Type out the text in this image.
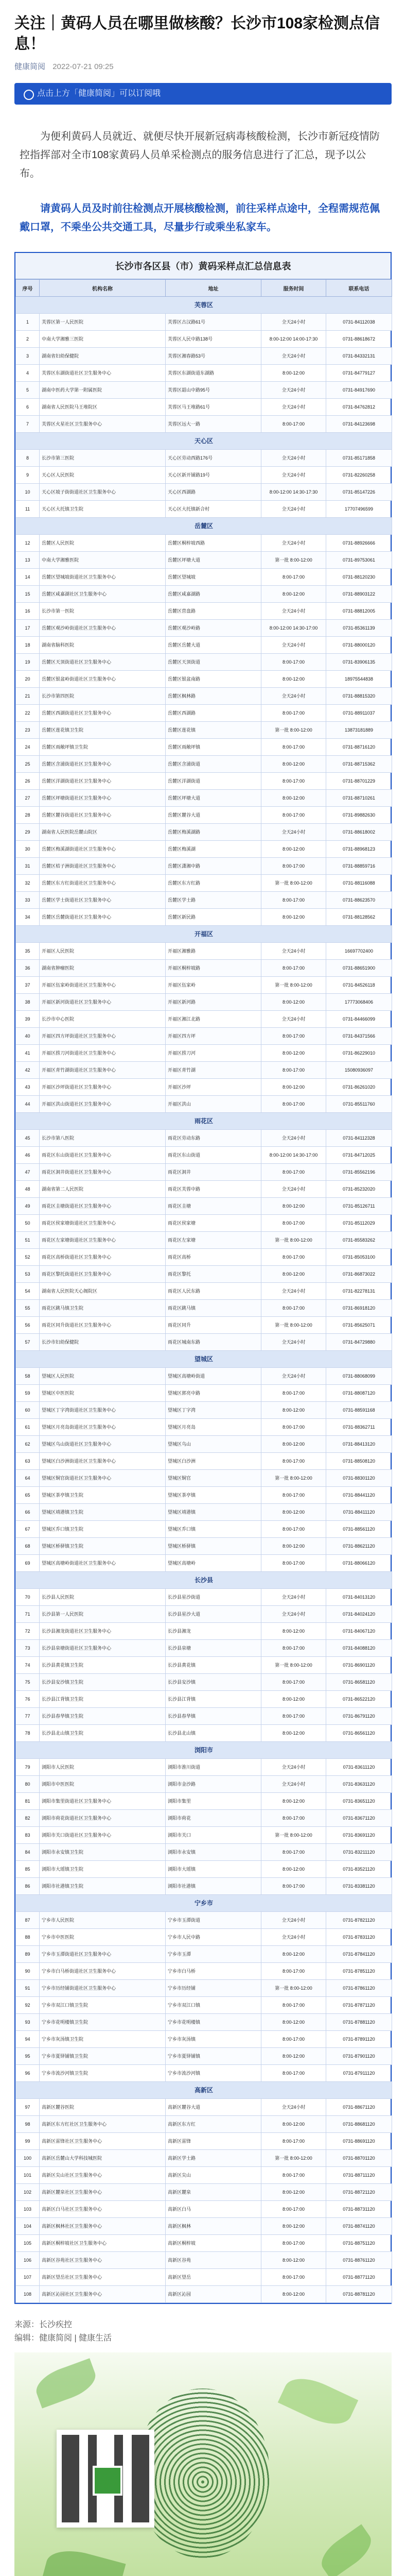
关注｜黄码人员在哪里做核酸？长沙市108家检测点信息！
健康简阅 2022-07-21 09:25
点击上方「健康简阅」可以订阅哦
为便利黄码人员就近、就便尽快开展新冠病毒核酸检测，长沙市新冠疫情防控指挥部对全市108家黄码人员单采检测点的服务信息进行了汇总，现予以公布。
请黄码人员及时前往检测点开展核酸检测，前往采样点途中，全程需规范佩戴口罩，不乘坐公共交通工具，尽量步行或乘坐私家车。
长沙市各区县（市）黄码采样点汇总信息表
序号	机构名称	地址	服务时间	联系电话
芙蓉区				
1	芙蓉区第一人民医院	芙蓉区古汉路61号	全天24小时	0731-84112038
2	中南大学湘雅三医院	芙蓉区人民中路138号	8:00-12:00 14:00-17:30	0731-88618672
3	湖南省妇幼保健院	芙蓉区湘春路53号	全天24小时	0731-84332131
4	芙蓉区东湖街道社区卫生服务中心	芙蓉区东湖街道东湖路	8:00-12:00	0731-84779127
5	湖南中医药大学第一附属医院	芙蓉区韶山中路95号	全天24小时	0731-84917690
6	湖南省人民医院马王堆院区	芙蓉区马王堆路61号	全天24小时	0731-84762812
7	芙蓉区火星社区卫生服务中心	芙蓉区远大一路	8:00-17:00	0731-84123698
天心区				
8	长沙市第三医院	天心区劳动西路176号	全天24小时	0731-85171858
9	天心区人民医院	天心区新开铺路19号	全天24小时	0731-82260258
10	天心区坡子街街道社区卫生服务中心	天心区西湖路	8:00-12:00 14:30-17:30	0731-85147226
11	天心区大托镇卫生院	天心区大托镇新合村	全天24小时	17707496599
岳麓区				
12	岳麓区人民医院	岳麓区桐梓坡西路	全天24小时	0731-88926666
13	中南大学湘雅医院	岳麓区坪塘大道	第一批 8:00-12:00	0731-89753061
14	岳麓区望城坡街道社区卫生服务中心	岳麓区望城坡	8:00-17:00	0731-88120230
15	岳麓区咸嘉湖社区卫生服务中心	岳麓区咸嘉湖路	8:00-12:00	0731-88903122
16	长沙市第一医院	岳麓区营盘路	全天24小时	0731-88812005
17	岳麓区观沙岭街道社区卫生服务中心	岳麓区观沙岭路	8:00-12:00 14:30-17:00	0731-85361139
18	湖南省脑科医院	岳麓区岳麓大道	全天24小时	0731-88000120
19	岳麓区天顶街道社区卫生服务中心	岳麓区天顶街道	8:00-17:00	0731-83906135
20	岳麓区银盆岭街道社区卫生服务中心	岳麓区银盆南路	8:00-12:00	18975544838
21	长沙市第四医院	岳麓区枫林路	全天24小时	0731-88815320
22	岳麓区西湖街道社区卫生服务中心	岳麓区西湖路	8:00-17:00	0731-88911037
23	岳麓区莲花镇卫生院	岳麓区莲花镇	第一批 8:00-12:00	13873181889
24	岳麓区雨敞坪镇卫生院	岳麓区雨敞坪镇	8:00-17:00	0731-88716120
25	岳麓区含浦街道社区卫生服务中心	岳麓区含浦街道	8:00-12:00	0731-88715362
26	岳麓区洋湖街道社区卫生服务中心	岳麓区洋湖街道	8:00-17:00	0731-88701229
27	岳麓区坪塘街道社区卫生服务中心	岳麓区坪塘大道	8:00-12:00	0731-88710261
28	岳麓区麓谷街道社区卫生服务中心	岳麓区麓谷大道	8:00-17:00	0731-89882630
29	湖南省人民医院岳麓山院区	岳麓区梅溪湖路	全天24小时	0731-88618002
30	岳麓区梅溪湖街道社区卫生服务中心	岳麓区梅溪湖	8:00-12:00	0731-88968123
31	岳麓区桔子洲街道社区卫生服务中心	岳麓区潇湘中路	8:00-17:00	0731-88859716
32	岳麓区东方红街道社区卫生服务中心	岳麓区东方红路	第一批 8:00-12:00	0731-88116088
33	岳麓区学士街道社区卫生服务中心	岳麓区学士路	8:00-17:00	0731-88623570
34	岳麓区岳麓街道社区卫生服务中心	岳麓区新民路	8:00-12:00	0731-88128562
开福区				
35	开福区人民医院	开福区湘雅路	全天24小时	16697702400
36	湖南省肿瘤医院	开福区桐梓坡路	8:00-17:00	0731-88651900
37	开福区伍家岭街道社区卫生服务中心	开福区伍家岭	第一批 8:00-12:00	0731-84526118
38	开福区新河街道社区卫生服务中心	开福区新河路	8:00-12:00	17773068406
39	长沙市中心医院	开福区湘江北路	全天24小时	0731-84466099
40	开福区四方坪街道社区卫生服务中心	开福区四方坪	8:00-17:00	0731-84371566
41	开福区捞刀河街道社区卫生服务中心	开福区捞刀河	8:00-12:00	0731-86229010
42	开福区青竹湖街道社区卫生服务中心	开福区青竹湖	8:00-17:00	15080936097
43	开福区沙坪街道社区卫生服务中心	开福区沙坪	8:00-12:00	0731-86261020
44	开福区洪山街道社区卫生服务中心	开福区洪山	8:00-17:00	0731-85511760
雨花区				
45	长沙市第八医院	雨花区劳动东路	全天24小时	0731-84112328
46	雨花区东山街道社区卫生服务中心	雨花区东山街道	8:00-12:00 14:30-17:00	0731-84712025
47	雨花区洞井街道社区卫生服务中心	雨花区洞井	8:00-17:00	0731-85562196
48	湖南省第二人民医院	雨花区芙蓉中路	全天24小时	0731-85232020
49	雨花区圭塘街道社区卫生服务中心	雨花区圭塘	8:00-12:00	0731-85126711
50	雨花区侯家塘街道社区卫生服务中心	雨花区侯家塘	8:00-17:00	0731-85112029
51	雨花区左家塘街道社区卫生服务中心	雨花区左家塘	第一批 8:00-12:00	0731-85583262
52	雨花区高桥街道社区卫生服务中心	雨花区高桥	8:00-17:00	0731-85053100
53	雨花区黎托街道社区卫生服务中心	雨花区黎托	8:00-12:00	0731-86873022
54	湖南省人民医院天心阁院区	雨花区人民东路	全天24小时	0731-82278131
55	雨花区跳马镇卫生院	雨花区跳马镇	8:00-17:00	0731-86918120
56	雨花区同升街道社区卫生服务中心	雨花区同升	第一批 8:00-12:00	0731-85625071
57	长沙市妇幼保健院	雨花区城南东路	全天24小时	0731-84729880
望城区				
58	望城区人民医院	望城区高塘岭街道	全天24小时	0731-88068099
59	望城区中医医院	望城区郭亮中路	8:00-17:00	0731-88087120
60	望城区丁字湾街道社区卫生服务中心	望城区丁字湾	8:00-12:00	0731-88591168
61	望城区月亮岛街道社区卫生服务中心	望城区月亮岛	8:00-17:00	0731-88362711
62	望城区乌山街道社区卫生服务中心	望城区乌山	8:00-12:00	0731-88413120
63	望城区白沙洲街道社区卫生服务中心	望城区白沙洲	8:00-17:00	0731-88508120
64	望城区铜官街道社区卫生服务中心	望城区铜官	第一批 8:00-12:00	0731-88301120
65	望城区茶亭镇卫生院	望城区茶亭镇	8:00-17:00	0731-88441120
66	望城区靖港镇卫生院	望城区靖港镇	8:00-12:00	0731-88411120
67	望城区乔口镇卫生院	望城区乔口镇	8:00-17:00	0731-88561120
68	望城区桥驿镇卫生院	望城区桥驿镇	8:00-12:00	0731-88621120
69	望城区高塘岭街道社区卫生服务中心	望城区高塘岭	8:00-17:00	0731-88066120
长沙县				
70	长沙县人民医院	长沙县星沙街道	全天24小时	0731-84013120
71	长沙县第一人民医院	长沙县星沙大道	全天24小时	0731-84024120
72	长沙县湘龙街道社区卫生服务中心	长沙县湘龙	8:00-12:00	0731-84067120
73	长沙县泉塘街道社区卫生服务中心	长沙县泉塘	8:00-17:00	0731-84088120
74	长沙县黄花镇卫生院	长沙县黄花镇	第一批 8:00-12:00	0731-86901120
75	长沙县安沙镇卫生院	长沙县安沙镇	8:00-17:00	0731-86581120
76	长沙县江背镇卫生院	长沙县江背镇	8:00-12:00	0731-86522120
77	长沙县春华镇卫生院	长沙县春华镇	8:00-17:00	0731-86791120
78	长沙县北山镇卫生院	长沙县北山镇	8:00-12:00	0731-86561120
浏阳市				
79	浏阳市人民医院	浏阳市淮川街道	全天24小时	0731-83611120
80	浏阳市中医医院	浏阳市金沙路	全天24小时	0731-83631120
81	浏阳市集里街道社区卫生服务中心	浏阳市集里	8:00-12:00	0731-83651120
82	浏阳市荷花街道社区卫生服务中心	浏阳市荷花	8:00-17:00	0731-83671120
83	浏阳市关口街道社区卫生服务中心	浏阳市关口	第一批 8:00-12:00	0731-83691120
84	浏阳市永安镇卫生院	浏阳市永安镇	8:00-17:00	0731-83211120
85	浏阳市大瑶镇卫生院	浏阳市大瑶镇	8:00-12:00	0731-83521120
86	浏阳市社港镇卫生院	浏阳市社港镇	8:00-17:00	0731-83381120
宁乡市				
87	宁乡市人民医院	宁乡市玉潭街道	全天24小时	0731-87821120
88	宁乡市中医医院	宁乡市人民中路	全天24小时	0731-87831120
89	宁乡市玉潭街道社区卫生服务中心	宁乡市玉潭	8:00-12:00	0731-87841120
90	宁乡市白马桥街道社区卫生服务中心	宁乡市白马桥	8:00-17:00	0731-87851120
91	宁乡市历经铺街道社区卫生服务中心	宁乡市历经铺	第一批 8:00-12:00	0731-87861120
92	宁乡市双江口镇卫生院	宁乡市双江口镇	8:00-17:00	0731-87871120
93	宁乡市花明楼镇卫生院	宁乡市花明楼镇	8:00-12:00	0731-87881120
94	宁乡市灰汤镇卫生院	宁乡市灰汤镇	8:00-17:00	0731-87891120
95	宁乡市夏铎铺镇卫生院	宁乡市夏铎铺镇	8:00-12:00	0731-87901120
96	宁乡市流沙河镇卫生院	宁乡市流沙河镇	8:00-17:00	0731-87911120
高新区				
97	高新区麓谷医院	高新区麓谷大道	全天24小时	0731-88671120
98	高新区东方红社区卫生服务中心	高新区东方红	8:00-12:00	0731-88681120
99	高新区雷锋社区卫生服务中心	高新区雷锋	8:00-17:00	0731-88691120
100	高新区岳麓山大学科技城医院	高新区学士路	第一批 8:00-12:00	0731-88701120
101	高新区尖山社区卫生服务中心	高新区尖山	8:00-17:00	0731-88711120
102	高新区麓泉社区卫生服务中心	高新区麓泉	8:00-12:00	0731-88721120
103	高新区白马社区卫生服务中心	高新区白马	8:00-17:00	0731-88731120
104	高新区枫林社区卫生服务中心	高新区枫林	8:00-12:00	0731-88741120
105	高新区桐梓坡社区卫生服务中心	高新区桐梓坡	8:00-17:00	0731-88751120
106	高新区谷苑社区卫生服务中心	高新区谷苑	8:00-12:00	0731-88761120
107	高新区望岳社区卫生服务中心	高新区望岳	8:00-17:00	0731-88771120
108	高新区沁园社区卫生服务中心	高新区沁园	8:00-12:00	0731-88781120
来源：长沙疾控
编辑：健康简阅 | 健康生活
